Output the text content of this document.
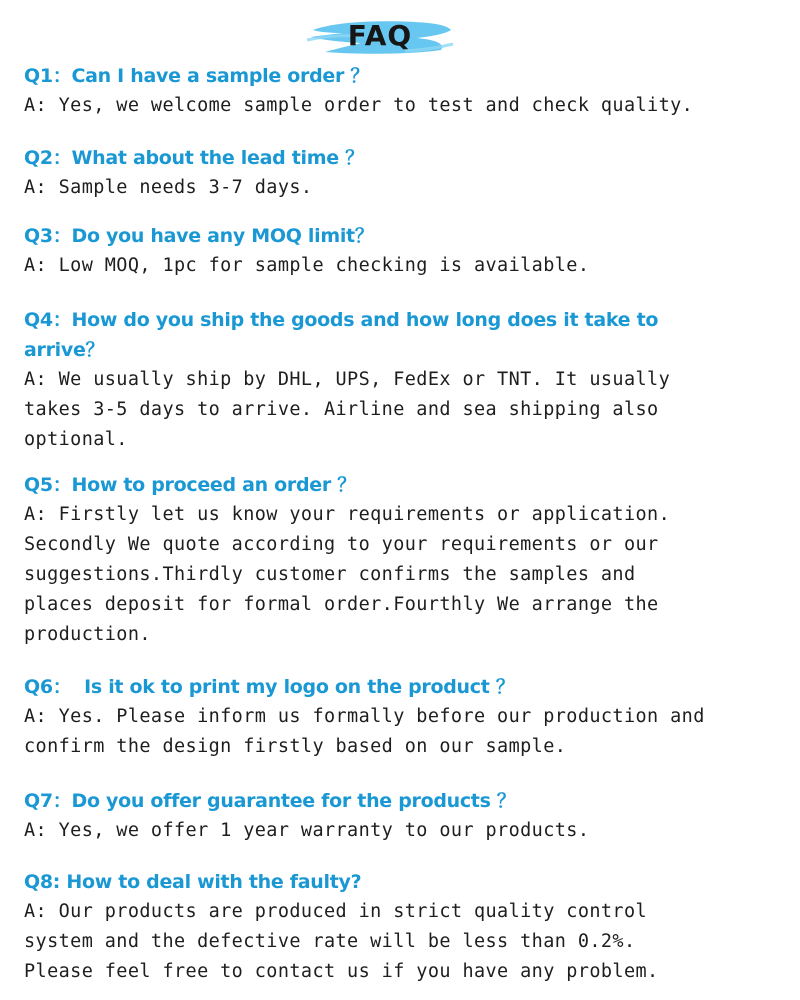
FAQ
Q1：Can I have a sample order ？
A: Yes, we welcome sample order to test and check quality.
Q2：What about the lead time ？
A: Sample needs 3-7 days.
Q3：Do you have any MOQ limit？
A: Low MOQ, 1pc for sample checking is available.
Q4：How do you ship the goods and how long does it take to arrive？
A: We usually ship by DHL, UPS, FedEx or TNT. It usually
takes 3-5 days to arrive. Airline and sea shipping also
optional.
Q5：How to proceed an order ？
A: Firstly let us know your requirements or application.
Secondly We quote according to your requirements or our
suggestions.Thirdly customer confirms the samples and
places deposit for formal order.Fourthly We arrange the
production.
Q6：  Is it ok to print my logo on the product ？
A: Yes. Please inform us formally before our production and
confirm the design firstly based on our sample.
Q7：Do you offer guarantee for the products ？
A: Yes, we offer 1 year warranty to our products.
Q8: How to deal with the faulty?
A: Our products are produced in strict quality control
system and the defective rate will be less than 0.2%.
Please feel free to contact us if you have any problem.
